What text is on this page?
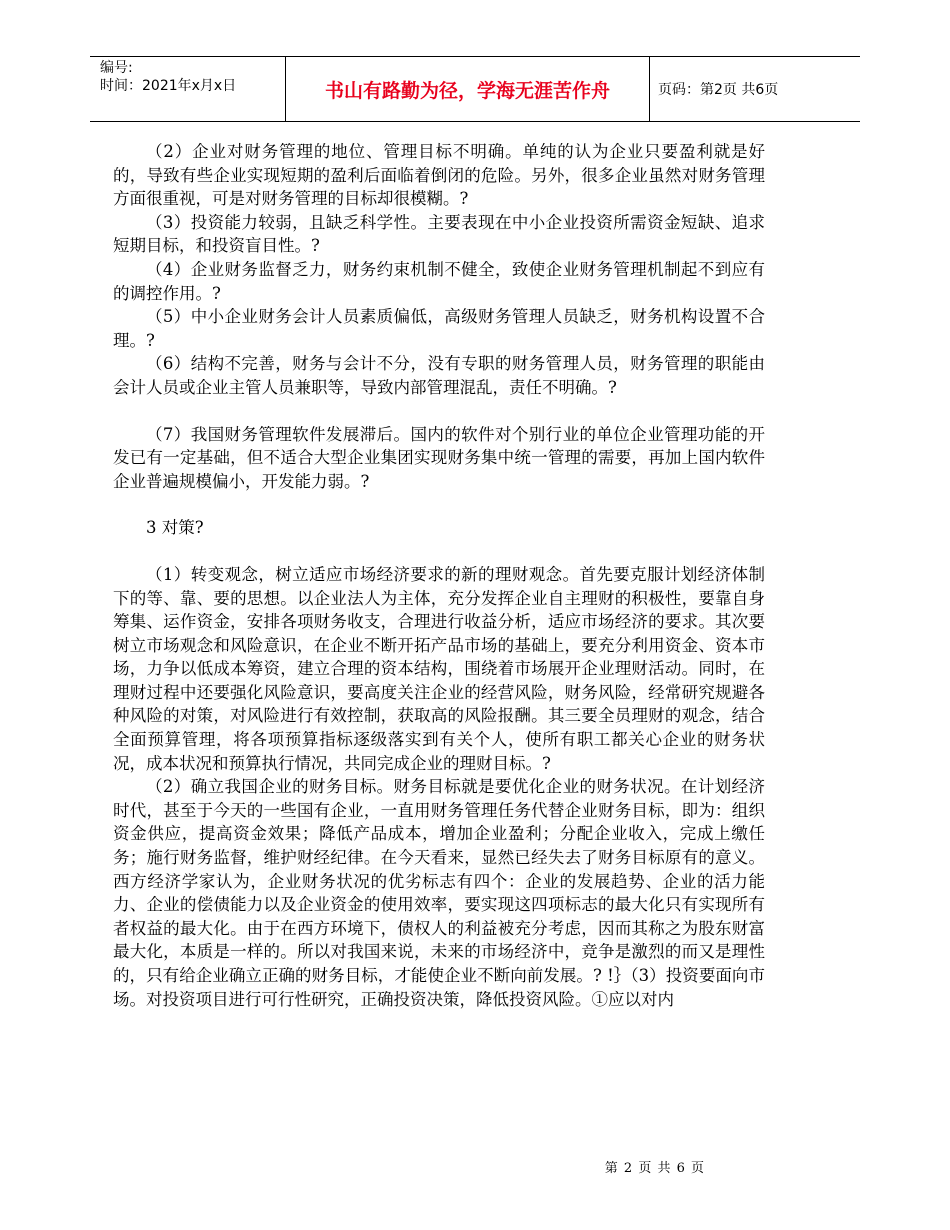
编号:
时间：2021年x月x日	书山有路勤为径，学海无涯苦作舟	页码：第2页 共6页

（2）企业对财务管理的地位、管理目标不明确。单纯的认为企业只要盈利就是好的，导致有些企业实现短期的盈利后面临着倒闭的危险。另外，很多企业虽然对财务管理方面很重视，可是对财务管理的目标却很模糊。?

（3）投资能力较弱，且缺乏科学性。主要表现在中小企业投资所需资金短缺、追求短期目标，和投资盲目性。?

（4）企业财务监督乏力，财务约束机制不健全，致使企业财务管理机制起不到应有的调控作用。?

（5）中小企业财务会计人员素质偏低，高级财务管理人员缺乏，财务机构设置不合理。?

（6）结构不完善，财务与会计不分，没有专职的财务管理人员，财务管理的职能由会计人员或企业主管人员兼职等，导致内部管理混乱，责任不明确。?

（7）我国财务管理软件发展滞后。国内的软件对个别行业的单位企业管理功能的开发已有一定基础，但不适合大型企业集团实现财务集中统一管理的需要，再加上国内软件企业普遍规模偏小，开发能力弱。?

3 对策?

（1）转变观念，树立适应市场经济要求的新的理财观念。首先要克服计划经济体制下的等、靠、要的思想。以企业法人为主体，充分发挥企业自主理财的积极性，要靠自身筹集、运作资金，安排各项财务收支，合理进行收益分析，适应市场经济的要求。其次要树立市场观念和风险意识，在企业不断开拓产品市场的基础上，要充分利用资金、资本市场，力争以低成本筹资，建立合理的资本结构，围绕着市场展开企业理财活动。同时，在理财过程中还要强化风险意识，要高度关注企业的经营风险，财务风险，经常研究规避各种风险的对策，对风险进行有效控制，获取高的风险报酬。其三要全员理财的观念，结合全面预算管理，将各项预算指标逐级落实到有关个人，使所有职工都关心企业的财务状况，成本状况和预算执行情况，共同完成企业的理财目标。?

（2）确立我国企业的财务目标。财务目标就是要优化企业的财务状况。在计划经济时代，甚至于今天的一些国有企业，一直用财务管理任务代替企业财务目标，即为：组织资金供应，提高资金效果；降低产品成本，增加企业盈利；分配企业收入，完成上缴任务；施行财务监督，维护财经纪律。在今天看来，显然已经失去了财务目标原有的意义。西方经济学家认为，企业财务状况的优劣标志有四个：企业的发展趋势、企业的活力能力、企业的偿债能力以及企业资金的使用效率，要实现这四项标志的最大化只有实现所有者权益的最大化。由于在西方环境下，债权人的利益被充分考虑，因而其称之为股东财富最大化，本质是一样的。所以对我国来说，未来的市场经济中，竞争是激烈的而又是理性的，只有给企业确立正确的财务目标，才能使企业不断向前发展。? !｝（3）投资要面向市场。对投资项目进行可行性研究，正确投资决策，降低投资风险。①应以对内

第 2 页 共 6 页
